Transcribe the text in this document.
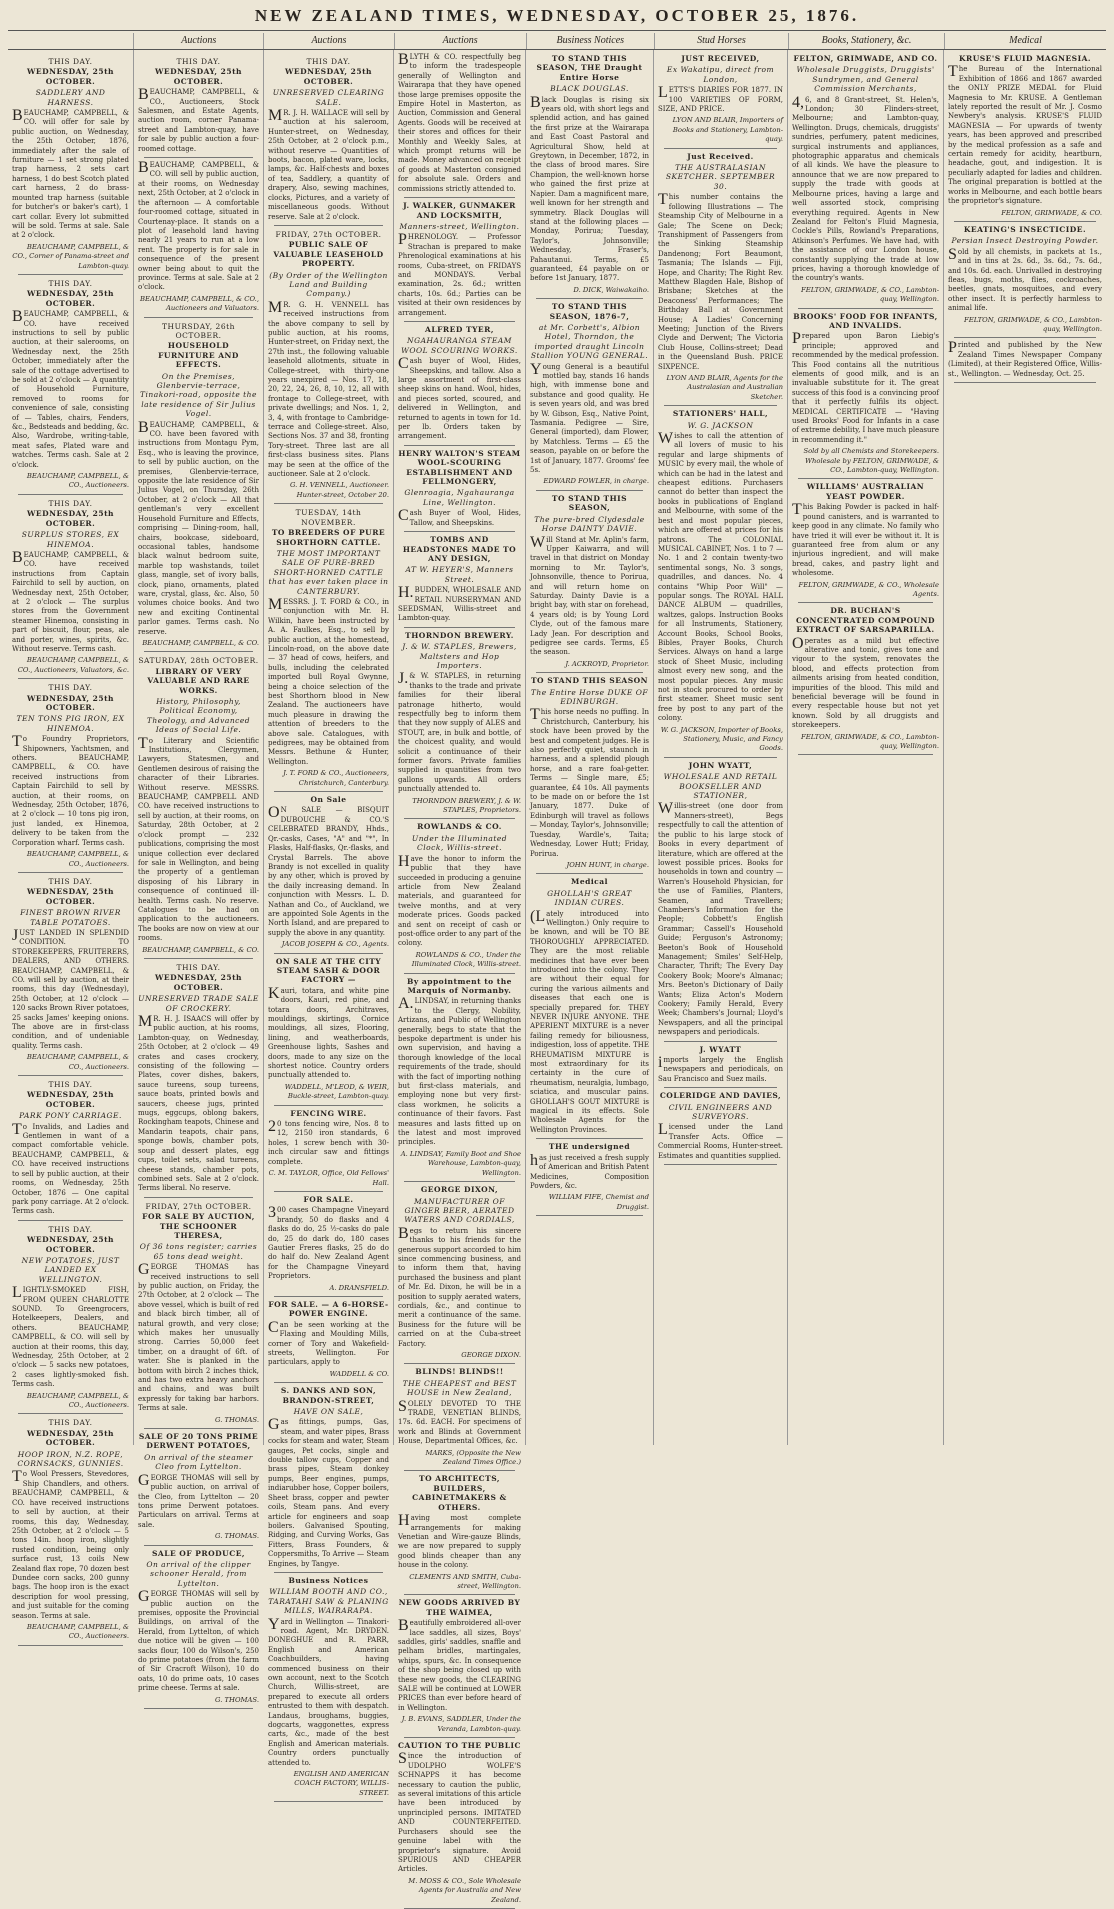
NEW ZEALAND TIMES, WEDNESDAY, OCTOBER 25, 1876.
Auctions	Auctions	Auctions	Business Notices	Stud Horses	Books, Stationery, &c.	Medical
THIS DAY.
WEDNESDAY, 25th OCTOBER.
SADDLERY AND HARNESS.
BEAUCHAMP, CAMPBELL, & CO. will offer for sale by public auction, on Wednesday, the 25th October, 1876, immediately after the sale of furniture — 1 set strong plated trap harness, 2 sets cart harness, 1 do best Scotch plated cart harness, 2 do brass-mounted trap harness (suitable for butcher's or baker's cart), 1 cart collar. Every lot submitted will be sold. Terms at sale. Sale at 2 o'clock.
BEAUCHAMP, CAMPBELL, & CO., Corner of Panama-street and Lambton-quay.
THIS DAY.
WEDNESDAY, 25th OCTOBER.
BEAUCHAMP, CAMPBELL, & CO. have received instructions to sell by public auction, at their salerooms, on Wednesday next, the 25th October, immediately after the sale of the cottage advertised to be sold at 2 o'clock — A quantity of Household Furniture, removed to rooms for convenience of sale, consisting of — Tables, chairs, Fenders, &c., Bedsteads and bedding, &c. Also, Wardrobe, writing-table, meat safes, Plated ware and watches. Terms cash. Sale at 2 o'clock.
BEAUCHAMP, CAMPBELL, & CO., Auctioneers.
THIS DAY.
WEDNESDAY, 25th OCTOBER.
SURPLUS STORES, EX HINEMOA.
BEAUCHAMP, CAMPBELL, & CO. have received instructions from Captain Fairchild to sell by auction, on Wednesday next, 25th October, at 2 o'clock — The surplus stores from the Government steamer Hinemoa, consisting in part of biscuit, flour, peas, ale and porter, wines, spirits, &c. Without reserve. Terms cash.
BEAUCHAMP, CAMPBELL, & CO., Auctioneers, Valuators, &c.
THIS DAY.
WEDNESDAY, 25th OCTOBER.
TEN TONS PIG IRON, EX HINEMOA.
To Foundry Proprietors, Shipowners, Yachtsmen, and others. BEAUCHAMP, CAMPBELL, & CO. have received instructions from Captain Fairchild to sell by auction, at their rooms, on Wednesday, 25th October, 1876, at 2 o'clock — 10 tons pig iron, just landed, ex Hinemoa, delivery to be taken from the Corporation wharf. Terms cash.
BEAUCHAMP, CAMPBELL, & CO., Auctioneers.
THIS DAY.
WEDNESDAY, 25th OCTOBER.
FINEST BROWN RIVER TABLE POTATOES.
JUST LANDED IN SPLENDID CONDITION. TO STOREKEEPERS, FRUITERERS, DEALERS, AND OTHERS. BEAUCHAMP, CAMPBELL, & CO. will sell by auction, at their rooms, this day (Wednesday), 25th October, at 12 o'clock — 120 sacks Brown River potatoes, 25 sacks James' keeping onions. The above are in first-class condition, and of undeniable quality. Terms cash.
BEAUCHAMP, CAMPBELL, & CO., Auctioneers.
THIS DAY.
WEDNESDAY, 25th OCTOBER.
PARK PONY CARRIAGE.
To Invalids, and Ladies and Gentlemen in want of a compact comfortable vehicle. BEAUCHAMP, CAMPBELL, & CO. have received instructions to sell by public auction, at their rooms, on Wednesday, 25th October, 1876 — One capital park pony carriage. At 2 o'clock. Terms cash.
THIS DAY.
WEDNESDAY, 25th OCTOBER.
NEW POTATOES, JUST LANDED EX WELLINGTON.
LIGHTLY-SMOKED FISH, FROM QUEEN CHARLOTTE SOUND. To Greengrocers, Hotelkeepers, Dealers, and others. BEAUCHAMP, CAMPBELL, & CO. will sell by auction at their rooms, this day, Wednesday, 25th October, at 2 o'clock — 5 sacks new potatoes, 2 cases lightly-smoked fish. Terms cash.
BEAUCHAMP, CAMPBELL, & CO., Auctioneers.
THIS DAY.
WEDNESDAY, 25th OCTOBER.
HOOP IRON, N.Z. ROPE, CORNSACKS, GUNNIES.
To Wool Pressers, Stevedores, Ship Chandlers, and others. BEAUCHAMP, CAMPBELL, & CO. have received instructions to sell by auction, at their rooms, this day, Wednesday, 25th October, at 2 o'clock — 5 tons 14in. hoop iron, slightly rusted condition, being only surface rust, 13 coils New Zealand flax rope, 70 dozen best Dundee corn sacks, 200 gunny bags. The hoop iron is the exact description for wool pressing, and just suitable for the coming season. Terms at sale.
BEAUCHAMP, CAMPBELL, & CO., Auctioneers.
THIS DAY.
WEDNESDAY, 25th OCTOBER.
BEAUCHAMP, CAMPBELL, & CO., Auctioneers, Stock Salesmen, and Estate Agents, auction room, corner Panama-street and Lambton-quay, have for sale by public auction a four-roomed cottage.
BEAUCHAMP, CAMPBELL, & CO. will sell by public auction, at their rooms, on Wednesday next, 25th October, at 2 o'clock in the afternoon — A comfortable four-roomed cottage, situated in Courtenay-place. It stands on a plot of leasehold land having nearly 21 years to run at a low rent. The property is for sale in consequence of the present owner being about to quit the province. Terms at sale. Sale at 2 o'clock.
BEAUCHAMP, CAMPBELL, & CO., Auctioneers and Valuators.
THURSDAY, 26th OCTOBER.
HOUSEHOLD FURNITURE AND EFFECTS.
On the Premises, Glenbervie-terrace, Tinakori-road, opposite the late residence of Sir Julius Vogel.
BEAUCHAMP, CAMPBELL, & CO. have been favored with instructions from Montagu Pym, Esq., who is leaving the province, to sell by public auction, on the premises, Glenbervie-terrace, opposite the late residence of Sir Julius Vogel, on Thursday, 26th October, at 2 o'clock — All that gentleman's very excellent Household Furniture and Effects, comprising — Dining-room, hall, chairs, bookcase, sideboard, occasional tables, handsome black walnut bedroom suite, marble top washstands, toilet glass, mangle, set of ivory balls, clock, piano, ornaments, plated ware, crystal, glass, &c. Also, 50 volumes choice books. And two new and exciting Continental parlor games. Terms cash. No reserve.
BEAUCHAMP, CAMPBELL, & CO.
SATURDAY, 28th OCTOBER.
LIBRARY OF VERY VALUABLE AND RARE WORKS.
History, Philosophy, Political Economy, Theology, and Advanced Ideas of Social Life.
To Literary and Scientific Institutions, Clergymen, Lawyers, Statesmen, and Gentlemen desirous of raising the character of their Libraries. Without reserve. MESSRS. BEAUCHAMP, CAMPBELL AND CO. have received instructions to sell by auction, at their rooms, on Saturday, 28th October, at 2 o'clock prompt — 232 publications, comprising the most unique collection ever declared for sale in Wellington, and being the property of a gentleman disposing of his Library in consequence of continued ill-health. Terms cash. No reserve. Catalogues to be had on application to the auctioneers. The books are now on view at our rooms.
BEAUCHAMP, CAMPBELL, & CO.
THIS DAY.
WEDNESDAY, 25th OCTOBER.
UNRESERVED TRADE SALE OF CROCKERY.
MR. H. J. ISAACS will offer by public auction, at his rooms, Lambton-quay, on Wednesday, 25th October, at 2 o'clock — 49 crates and cases crockery, consisting of the following — Plates, cover dishes, bakers, sauce tureens, soup tureens, sauce boats, printed bowls and saucers, cheese jugs, printed mugs, eggcups, oblong bakers, Rockingham teapots, Chinese and Mandarin teapots, chair pans, sponge bowls, chamber pots, soup and dessert plates, egg cups, toilet sets, salad tureens, cheese stands, chamber pots, combined sets. Sale at 2 o'clock. Terms liberal. No reserve.
FRIDAY, 27th OCTOBER.
FOR SALE BY AUCTION, THE SCHOONER THERESA,
Of 36 tons register; carries 65 tons dead weight.
GEORGE THOMAS has received instructions to sell by public auction, on Friday, the 27th October, at 2 o'clock — The above vessel, which is built of red and black birch timber, all of natural growth, and very close; which makes her unusually strong. Carries 50,000 feet timber, on a draught of 6ft. of water. She is planked in the bottom with birch 2 inches thick, and has two extra heavy anchors and chains, and was built expressly for taking bar harbors. Terms at sale.
G. THOMAS.
SALE OF 20 TONS PRIME DERWENT POTATOES,
On arrival of the steamer Cleo from Lyttelton.
GEORGE THOMAS will sell by public auction, on arrival of the Cleo, from Lyttelton — 20 tons prime Derwent potatoes. Particulars on arrival. Terms at sale.
G. THOMAS.
SALE OF PRODUCE,
On arrival of the clipper schooner Herald, from Lyttelton.
GEORGE THOMAS will sell by public auction on the premises, opposite the Provincial Buildings, on arrival of the Herald, from Lyttelton, of which due notice will be given — 100 sacks flour, 100 do Wilson's, 250 do prime potatoes (from the farm of Sir Cracroft Wilson), 10 do oats, 10 do prime oats, 10 cases prime cheese. Terms at sale.
G. THOMAS.
THIS DAY.
WEDNESDAY, 25th OCTOBER.
UNRESERVED CLEARING SALE.
MR. J. H. WALLACE will sell by auction at his saleroom, Hunter-street, on Wednesday, 25th October, at 2 o'clock p.m., without reserve — Quantities of boots, bacon, plated ware, locks, lamps, &c. Half-chests and boxes of tea, Saddlery, a quantity of drapery, Also, sewing machines, clocks, Pictures, and a variety of miscellaneous goods. Without reserve. Sale at 2 o'clock.
FRIDAY, 27th OCTOBER.
PUBLIC SALE OF VALUABLE LEASEHOLD PROPERTY.
(By Order of the Wellington Land and Building Company.)
MR. G. H. VENNELL has received instructions from the above company to sell by public auction, at his rooms, Hunter-street, on Friday next, the 27th inst., the following valuable leasehold allotments, situate in College-street, with thirty-one years unexpired — Nos. 17, 18, 20, 22, 24, 26, 8, 10, 12, all with frontage to College-street, with private dwellings; and Nos. 1, 2, 3, 4, with frontage to Cambridge-terrace and College-street. Also, Sections Nos. 37 and 38, fronting Tory-street. Three last are all first-class business sites. Plans may be seen at the office of the auctioneer. Sale at 2 o'clock.
G. H. VENNELL, Auctioneer. Hunter-street, October 20.
TUESDAY, 14th NOVEMBER.
TO BREEDERS OF PURE SHORTHORN CATTLE.
THE MOST IMPORTANT SALE OF PURE-BRED SHORT-HORNED CATTLE that has ever taken place in CANTERBURY.
MESSRS. J. T. FORD & CO., in conjunction with Mr. H. Wilkin, have been instructed by A. A. Faulkes, Esq., to sell by public auction, at the homestead, Lincoln-road, on the above date — 37 head of cows, heifers, and bulls, including the celebrated imported bull Royal Gwynne, being a choice selection of the best Shorthorn blood in New Zealand. The auctioneers have much pleasure in drawing the attention of breeders to the above sale. Catalogues, with pedigrees, may be obtained from Messrs. Bethune & Hunter, Wellington.
J. T. FORD & CO., Auctioneers, Christchurch, Canterbury.
On Sale
ON SALE — BISQUIT DUBOUCHE & CO.'S CELEBRATED BRANDY, Hhds., Qr.-casks, Cases, "A" and "*", In Flasks, Half-flasks, Qr.-flasks, and Crystal Barrels. The above Brandy is not excelled in quality by any other, which is proved by the daily increasing demand. In conjunction with Messrs. L. D. Nathan and Co., of Auckland, we are appointed Sole Agents in the North Island, and are prepared to supply the above in any quantity.
JACOB JOSEPH & CO., Agents.
ON SALE AT THE CITY STEAM SASH & DOOR FACTORY —
Kauri, totara, and white pine doors, Kauri, red pine, and totara doors, Architraves, mouldings, skirtings, Cornice mouldings, all sizes, Flooring, lining, and weatherboards, Greenhouse lights, Sashes and doors, made to any size on the shortest notice. Country orders punctually attended to.
WADDELL, M'LEOD, & WEIR, Buckle-street, Lambton-quay.
FENCING WIRE.
20 tons fencing wire, Nos. 8 to 12, 2150 iron standards, 6 holes, 1 screw bench with 30-inch circular saw and fittings complete.
C. M. TAYLOR, Office, Old Fellows' Hall.
FOR SALE.
300 cases Champagne Vineyard brandy, 50 do flasks and 4 flasks do do, 25 ½-casks do pale do, 25 do dark do, 180 cases Gautier Freres flasks, 25 do do do half do. New Zealand Agent for the Champagne Vineyard Proprietors.
A. DRANSFIELD.
FOR SALE. — A 6-HORSE-POWER ENGINE.
Can be seen working at the Flaxing and Moulding Mills, corner of Tory and Wakefield-streets, Wellington. For particulars, apply to
WADDELL & CO.
S. DANKS AND SON, BRANDON-STREET,
HAVE ON SALE,
Gas fittings, pumps, Gas, steam, and water pipes, Brass cocks for steam and water, Steam gauges, Pet cocks, single and double tallow cups, Copper and brass pipes, Steam donkey pumps, Beer engines, pumps, indiarubber hose, Copper boilers, Sheet brass, copper and pewter coils, Steam pans. And every article for engineers and soap boilers. Galvanised Spouting, Ridging, and Curving Works, Gas Fitters, Brass Founders, & Coppersmiths, To Arrive — Steam Engines, by Tangye.
Business Notices
WILLIAM BOOTH AND CO., TARATAHI SAW & PLANING MILLS, WAIRARAPA.
Yard in Wellington — Tinakori-road. Agent, Mr. DRYDEN. DONEGHUE and R. PARR, English and American Coachbuilders, having commenced business on their own account, next to the Scotch Church, Willis-street, are prepared to execute all orders entrusted to them with despatch. Landaus, broughams, buggies, dogcarts, waggonettes, express carts, &c., made of the best English and American materials. Country orders punctually attended to.
ENGLISH AND AMERICAN COACH FACTORY, WILLIS-STREET.
BLYTH & CO. respectfully beg to inform the tradespeople generally of Wellington and Wairarapa that they have opened those large premises opposite the Empire Hotel in Masterton, as Auction, Commission and General Agents. Goods will be received at their stores and offices for their Monthly and Weekly Sales, at which prompt returns will be made. Money advanced on receipt of goods at Masterton consigned for absolute sale. Orders and commissions strictly attended to.
J. WALKER, GUNMAKER AND LOCKSMITH,
Manners-street, Wellington.
PHRENOLOGY. — Professor Strachan is prepared to make Phrenological examinations at his rooms, Cuba-street, on FRIDAYS and MONDAYS. Verbal examination, 2s. 6d.; written charts, 10s. 6d.; Parties can be visited at their own residences by arrangement.
ALFRED TYER,
NGAHAURANGA STEAM WOOL SCOURING WORKS.
Cash buyer of Wool, Hides, Sheepskins, and tallow. Also a large assortment of first-class sheep skins on hand. Wool, hides, and pieces sorted, scoured, and delivered in Wellington, and returned to agents in town for 1d. per lb. Orders taken by arrangement.
HENRY WALTON'S STEAM WOOL-SCOURING ESTABLISHMENT AND FELLMONGERY,
Glenroagia, Ngahauranga Line, Wellington.
Cash Buyer of Wool, Hides, Tallow, and Sheepskins.
TOMBS AND HEADSTONES MADE TO ANY DESIGN,
AT W. HEYER'S, Manners Street.
H.BUDDEN, WHOLESALE AND RETAIL NURSERYMAN AND SEEDSMAN, Willis-street and Lambton-quay.
THORNDON BREWERY.
J. & W. STAPLES, Brewers, Maltsters and Hop Importers.
J.& W. STAPLES, in returning thanks to the trade and private families for their liberal patronage hitherto, would respectfully beg to inform them that they now supply of ALES and STOUT, are, in bulk and bottle, of the choicest quality, and would solicit a continuance of their former favors. Private families supplied in quantities from two gallons upwards. All orders punctually attended to.
THORNDON BREWERY, J. & W. STAPLES, Proprietors.
ROWLANDS & CO.
Under the Illuminated Clock, Willis-street.
Have the honor to inform the public that they have succeeded in producing a genuine article from New Zealand materials, and guaranteed for twelve months, and at very moderate prices. Goods packed and sent on receipt of cash or post-office order to any part of the colony.
ROWLANDS & CO., Under the Illuminated Clock, Willis-street.
By appointment to the Marquis of Normanby.
A.LINDSAY, in returning thanks to the Clergy, Nobility, Artizans, and Public of Wellington generally, begs to state that the bespoke department is under his own supervision, and having a thorough knowledge of the local requirements of the trade, should with the fact of importing nothing but first-class materials, and employing none but very first-class workmen, he solicits a continuance of their favors. Fast measures and lasts fitted up on the latest and most improved principles.
A. LINDSAY, Family Boot and Shoe Warehouse, Lambton-quay, Wellington.
GEORGE DIXON,
MANUFACTURER OF GINGER BEER, AERATED WATERS AND CORDIALS,
Begs to return his sincere thanks to his friends for the generous support accorded to him since commencing business, and to inform them that, having purchased the business and plant of Mr. Ed. Dixon, he will be in a position to supply aerated waters, cordials, &c., and continue to merit a continuance of the same. Business for the future will be carried on at the Cuba-street Factory.
GEORGE DIXON.
BLINDS! BLINDS!!
THE CHEAPEST and BEST HOUSE in New Zealand,
SOLELY DEVOTED TO THE TRADE, VENETIAN BLINDS, 17s. 6d. EACH. For specimens of work and Blinds at Government House, Departmental Offices, &c.
MARKS, (Opposite the New Zealand Times Office.)
TO ARCHITECTS, BUILDERS, CABINETMAKERS & OTHERS.
Having most complete arrangements for making Venetian and Wire-gauze Blinds, we are now prepared to supply good blinds cheaper than any house in the colony.
CLEMENTS AND SMITH, Cuba-street, Wellington.
NEW GOODS ARRIVED BY THE WAIMEA,
Beautifully embroidered all-over lace saddles, all sizes, Boys' saddles, girls' saddles, snaffle and pelham bridles, martingales, whips, spurs, &c. In consequence of the shop being closed up with these new goods, the CLEARING SALE will be continued at LOWER PRICES than ever before heard of in Wellington.
J. B. EVANS, SADDLER, Under the Veranda, Lambton-quay.
CAUTION TO THE PUBLIC
Since the introduction of UDOLPHO WOLFE'S SCHNAPPS it has become necessary to caution the public, as several imitations of this article have been introduced by unprincipled persons. IMITATED AND COUNTERFEITED. Purchasers should see the genuine label with the proprietor's signature. Avoid SPURIOUS AND CHEAPER Articles.
M. MOSS & CO., Sole Wholesale Agents for Australia and New Zealand.
TO STAND THIS SEASON, THE Draught Entire Horse
BLACK DOUGLAS.
Black Douglas is rising six years old, with short legs and splendid action, and has gained the first prize at the Wairarapa and East Coast Pastoral and Agricultural Show, held at Greytown, in December, 1872, in the class of brood mares. Sire Champion, the well-known horse who gained the first prize at Napier. Dam a magnificent mare, well known for her strength and symmetry. Black Douglas will stand at the following places — Monday, Porirua; Tuesday, Taylor's, Johnsonville; Wednesday, Fraser's, Pahautanui. Terms, £5 guaranteed, £4 payable on or before 1st January, 1877.
D. DICK, Waiwakaiho.
TO STAND THIS SEASON, 1876-7,
at Mr. Corbett's, Albion Hotel, Thorndon, the imported draught Lincoln Stallion YOUNG GENERAL.
Young General is a beautiful mottled bay, stands 16 hands high, with immense bone and substance and good quality. He is seven years old, and was bred by W. Gibson, Esq., Native Point, Tasmania. Pedigree — Sire, General (imported), dam Flower, by Matchless. Terms — £5 the season, payable on or before the 1st of January, 1877. Grooms' fee 5s.
EDWARD FOWLER, in charge.
TO STAND THIS SEASON,
The pure-bred Clydesdale Horse DAINTY DAVIE.
Will Stand at Mr. Aplin's farm, Upper Kaiwarra, and will travel in that district on Monday morning to Mr. Taylor's, Johnsonville, thence to Porirua, and will return home on Saturday. Dainty Davie is a bright bay, with star on forehead, 4 years old; is by Young Lord Clyde, out of the famous mare Lady Jean. For description and pedigree see cards. Terms, £5 the season.
J. ACKROYD, Proprietor.
TO STAND THIS SEASON
The Entire Horse DUKE OF EDINBURGH.
This horse needs no puffing. In Christchurch, Canterbury, his stock have been proved by the best and competent judges. He is also perfectly quiet, staunch in harness, and a splendid plough horse, and a rare foal-getter. Terms — Single mare, £5; guarantee, £4 10s. All payments to be made on or before the 1st January, 1877. Duke of Edinburgh will travel as follows — Monday, Taylor's, Johnsonville; Tuesday, Wardle's, Taita; Wednesday, Lower Hutt; Friday, Porirua.
JOHN HUNT, in charge.
Medical
GHOLLAH'S GREAT INDIAN CURES.
(Lately introduced into Wellington.) Only require to be known, and will be TO BE THOROUGHLY APPRECIATED. They are the most reliable medicines that have ever been introduced into the colony. They are without their equal for curing the various ailments and diseases that each one is specially prepared for. THEY NEVER INJURE ANYONE. THE APERIENT MIXTURE is a never failing remedy for biliousness, indigestion, loss of appetite. THE RHEUMATISM MIXTURE is most extraordinary for its certainty in the cure of rheumatism, neuralgia, lumbago, sciatica, and muscular pains. GHOLLAH'S GOUT MIXTURE is magical in its effects. Sole Wholesale Agents for the Wellington Provinces.
THE undersigned
has just received a fresh supply of American and British Patent Medicines, Composition Powders, &c.
WILLIAM FIFE, Chemist and Druggist.
JUST RECEIVED,
Ex Wakatipu, direct from London,
LETTS'S DIARIES FOR 1877. IN 100 VARIETIES OF FORM, SIZE, AND PRICE.
LYON AND BLAIR, Importers of Books and Stationery, Lambton-quay.
Just Received.
THE AUSTRALASIAN SKETCHER. SEPTEMBER 30.
This number contains the following Illustrations — The Steamship City of Melbourne in a Gale; The Scene on Deck; Transhipment of Passengers from the Sinking Steamship Dandenong; Fort Beaumont, Tasmania; The Islands — Fiji, Hope, and Charity; The Right Rev. Matthew Blagden Hale, Bishop of Brisbane; Sketches at the Deaconess' Performances; The Birthday Ball at Government House; A Ladies' Concerning Meeting; Junction of the Rivers Clyde and Derwent; The Victoria Club House, Collins-street; Dead in the Queensland Bush. PRICE SIXPENCE.
LYON AND BLAIR, Agents for the Australasian and Australian Sketcher.
STATIONERS' HALL,
W. G. JACKSON
Wishes to call the attention of all lovers of music to his regular and large shipments of MUSIC by every mail, the whole of which can be had in the latest and cheapest editions. Purchasers cannot do better than inspect the books in publications of England and Melbourne, with some of the best and most popular pieces, which are offered at prices for his patrons. The COLONIAL MUSICAL CABINET, Nos. 1 to 7 — No. 1 and 2 contain twenty-two sentimental songs, No. 3 songs, quadrilles, and dances. No. 4 contains "Whip Poor Will" — popular songs. The ROYAL HALL DANCE ALBUM — quadrilles, waltzes, galops. Instruction Books for all Instruments, Stationery, Account Books, School Books, Bibles, Prayer Books, Church Services. Always on hand a large stock of Sheet Music, including almost every new song, and the most popular pieces. Any music not in stock procured to order by first steamer. Sheet music sent free by post to any part of the colony.
W. G. JACKSON, Importer of Books, Stationery, Music, and Fancy Goods.
JOHN WYATT,
WHOLESALE AND RETAIL BOOKSELLER AND STATIONER,
Willis-street (one door from Manners-street), Begs respectfully to call the attention of the public to his large stock of Books in every department of literature, which are offered at the lowest possible prices. Books for households in town and country — Warren's Household Physician, for the use of Families, Planters, Seamen, and Travellers; Chambers's Information for the People; Cobbett's English Grammar; Cassell's Household Guide; Ferguson's Astronomy; Beeton's Book of Household Management; Smiles' Self-Help, Character, Thrift; The Every Day Cookery Book; Moore's Almanac; Mrs. Beeton's Dictionary of Daily Wants; Eliza Acton's Modern Cookery; Family Herald, Every Week; Chambers's Journal; Lloyd's Newspapers, and all the principal newspapers and periodicals.
J. WYATT
imports largely the English newspapers and periodicals, on Sau Francisco and Suez mails.
COLERIDGE AND DAVIES,
CIVIL ENGINEERS AND SURVEYORS.
Licensed under the Land Transfer Acts. Office — Commercial Rooms, Hunter-street. Estimates and quantities supplied.
FELTON, GRIMWADE, AND CO.
Wholesale Druggists, Druggists' Sundrymen, and General Commission Merchants,
4,6, and 8 Grant-street, St. Helen's, London; 30 Flinders-street, Melbourne; and Lambton-quay, Wellington. Drugs, chemicals, druggists' sundries, perfumery, patent medicines, surgical instruments and appliances, photographic apparatus and chemicals of all kinds. We have the pleasure to announce that we are now prepared to supply the trade with goods at Melbourne prices, having a large and well assorted stock, comprising everything required. Agents in New Zealand for Felton's Fluid Magnesia, Cockle's Pills, Rowland's Preparations, Atkinson's Perfumes. We have had, with the assistance of our London house, constantly supplying the trade at low prices, having a thorough knowledge of the country's wants.
FELTON, GRIMWADE, & CO., Lambton-quay, Wellington.
BROOKS' FOOD FOR INFANTS, AND INVALIDS.
Prepared upon Baron Liebig's principle; approved and recommended by the medical profession. This Food contains all the nutritious elements of good milk, and is an invaluable substitute for it. The great success of this food is a convincing proof that it perfectly fulfils its object. MEDICAL CERTIFICATE — "Having used Brooks' Food for Infants in a case of extreme debility, I have much pleasure in recommending it."
Sold by all Chemists and Storekeepers. Wholesale by FELTON, GRIMWADE, & CO., Lambton-quay, Wellington.
WILLIAMS' AUSTRALIAN YEAST POWDER.
This Baking Powder is packed in half-pound canisters, and is warranted to keep good in any climate. No family who have tried it will ever be without it. It is guaranteed free from alum or any injurious ingredient, and will make bread, cakes, and pastry light and wholesome.
FELTON, GRIMWADE, & CO., Wholesale Agents.
DR. BUCHAN'S CONCENTRATED COMPOUND EXTRACT OF SARSAPARILLA.
Operates as a mild but effective alterative and tonic, gives tone and vigour to the system, renovates the blood, and effects protection from ailments arising from heated condition, impurities of the blood. This mild and beneficial beverage will be found in every respectable house but not yet known. Sold by all druggists and storekeepers.
FELTON, GRIMWADE, & CO., Lambton-quay, Wellington.
KRUSE'S FLUID MAGNESIA.
The Bureau of the International Exhibition of 1866 and 1867 awarded the ONLY PRIZE MEDAL for Fluid Magnesia to Mr. KRUSE. A Gentleman lately reported the result of Mr. J. Cosmo Newbery's analysis. KRUSE'S FLUID MAGNESIA — For upwards of twenty years, has been approved and prescribed by the medical profession as a safe and certain remedy for acidity, heartburn, headache, gout, and indigestion. It is peculiarly adapted for ladies and children. The original preparation is bottled at the works in Melbourne, and each bottle bears the proprietor's signature.
FELTON, GRIMWADE, & CO.
KEATING'S INSECTICIDE.
Persian Insect Destroying Powder.
Sold by all chemists, in packets at 1s., and in tins at 2s. 6d., 3s. 6d., 7s. 6d., and 10s. 6d. each. Unrivalled in destroying fleas, bugs, moths, flies, cockroaches, beetles, gnats, mosquitoes, and every other insect. It is perfectly harmless to animal life.
FELTON, GRIMWADE, & CO., Lambton-quay, Wellington.
Printed and published by the New Zealand Times Newspaper Company (Limited), at their Registered Office, Willis-st., Wellington. — Wednesday, Oct. 25.
